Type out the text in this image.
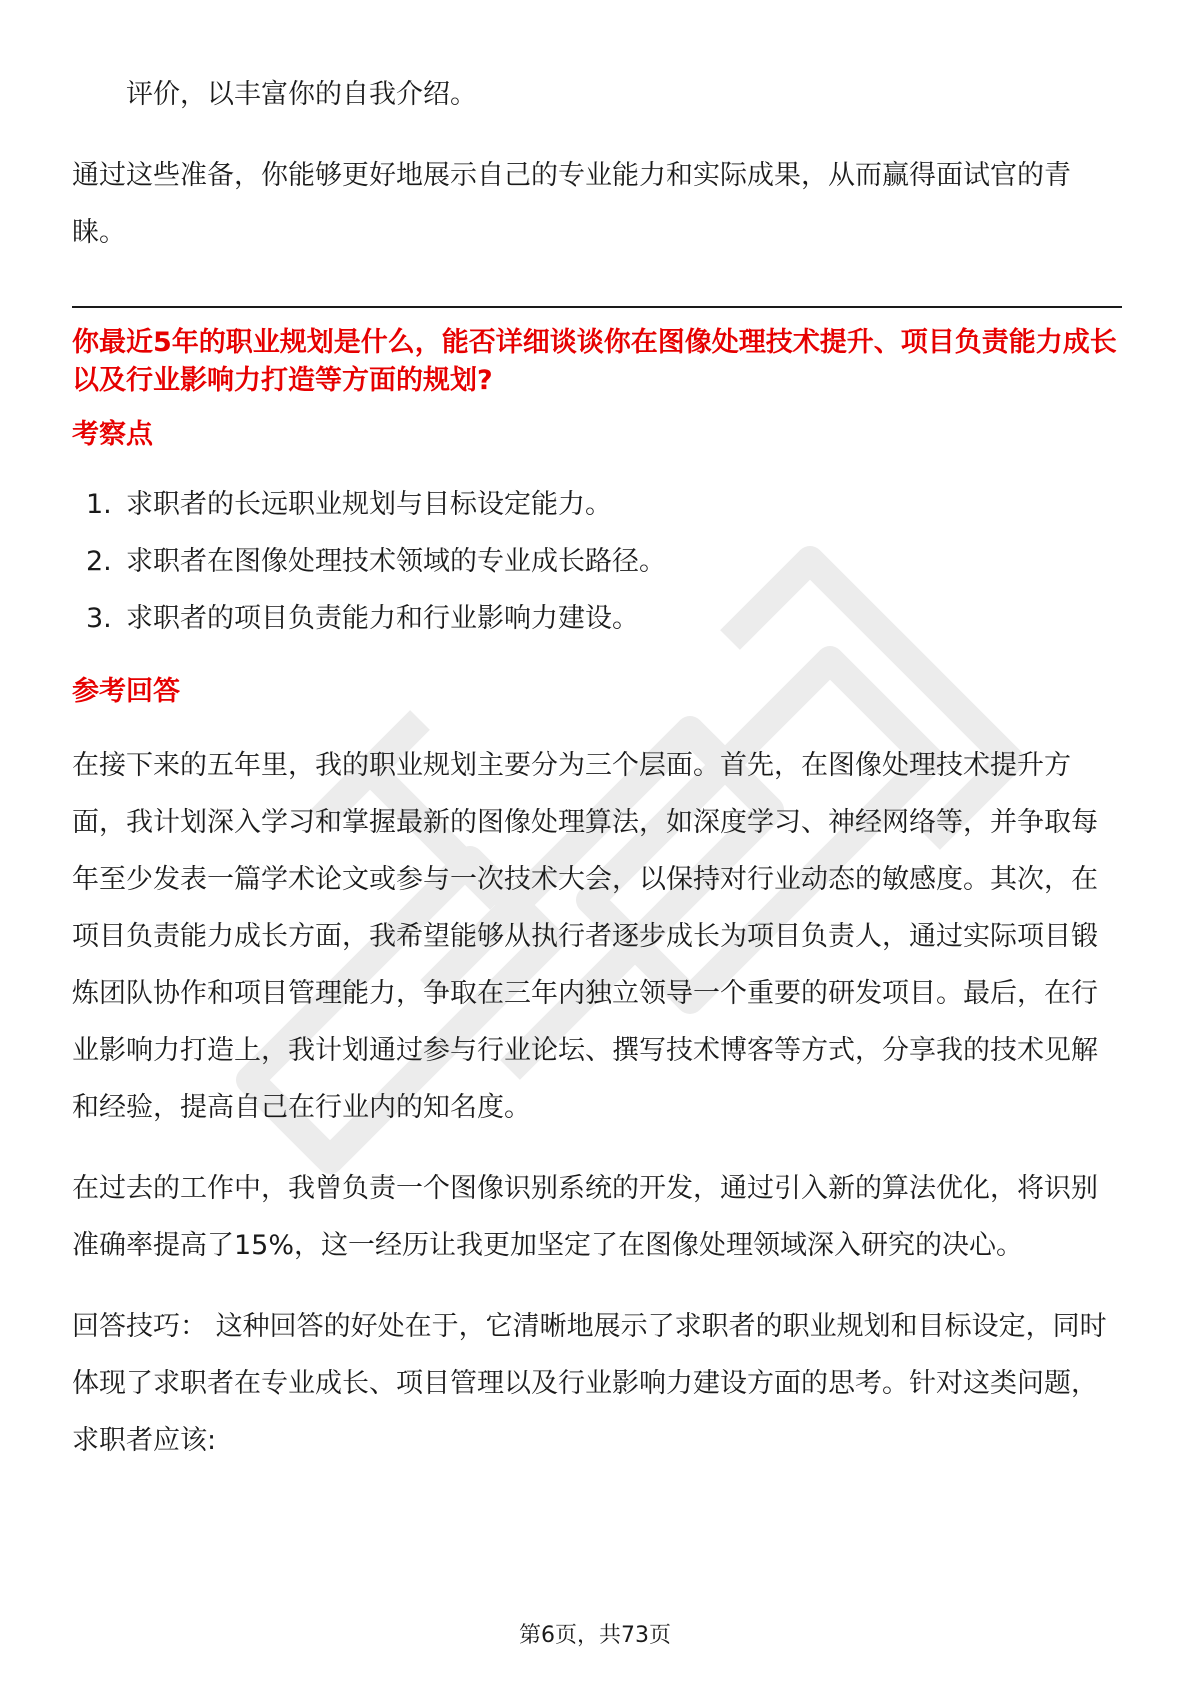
评价，以丰富你的自我介绍。

通过这些准备，你能够更好地展示自己的专业能力和实际成果，从而赢得面试官的青睐。

你最近5年的职业规划是什么，能否详细谈谈你在图像处理技术提升、项目负责能力成长以及行业影响力打造等方面的规划?
考察点
1. 求职者的长远职业规划与目标设定能力。
2. 求职者在图像处理技术领域的专业成长路径。
3. 求职者的项目负责能力和行业影响力建设。
参考回答

在接下来的五年里，我的职业规划主要分为三个层面。首先，在图像处理技术提升方面，我计划深入学习和掌握最新的图像处理算法，如深度学习、神经网络等，并争取每年至少发表一篇学术论文或参与一次技术大会，以保持对行业动态的敏感度。其次，在项目负责能力成长方面，我希望能够从执行者逐步成长为项目负责人，通过实际项目锻炼团队协作和项目管理能力，争取在三年内独立领导一个重要的研发项目。最后，在行业影响力打造上，我计划通过参与行业论坛、撰写技术博客等方式，分享我的技术见解和经验，提高自己在行业内的知名度。

在过去的工作中，我曾负责一个图像识别系统的开发，通过引入新的算法优化，将识别准确率提高了15%，这一经历让我更加坚定了在图像处理领域深入研究的决心。

回答技巧： 这种回答的好处在于，它清晰地展示了求职者的职业规划和目标设定，同时体现了求职者在专业成长、项目管理以及行业影响力建设方面的思考。针对这类问题，求职者应该:

第6页，共73页
